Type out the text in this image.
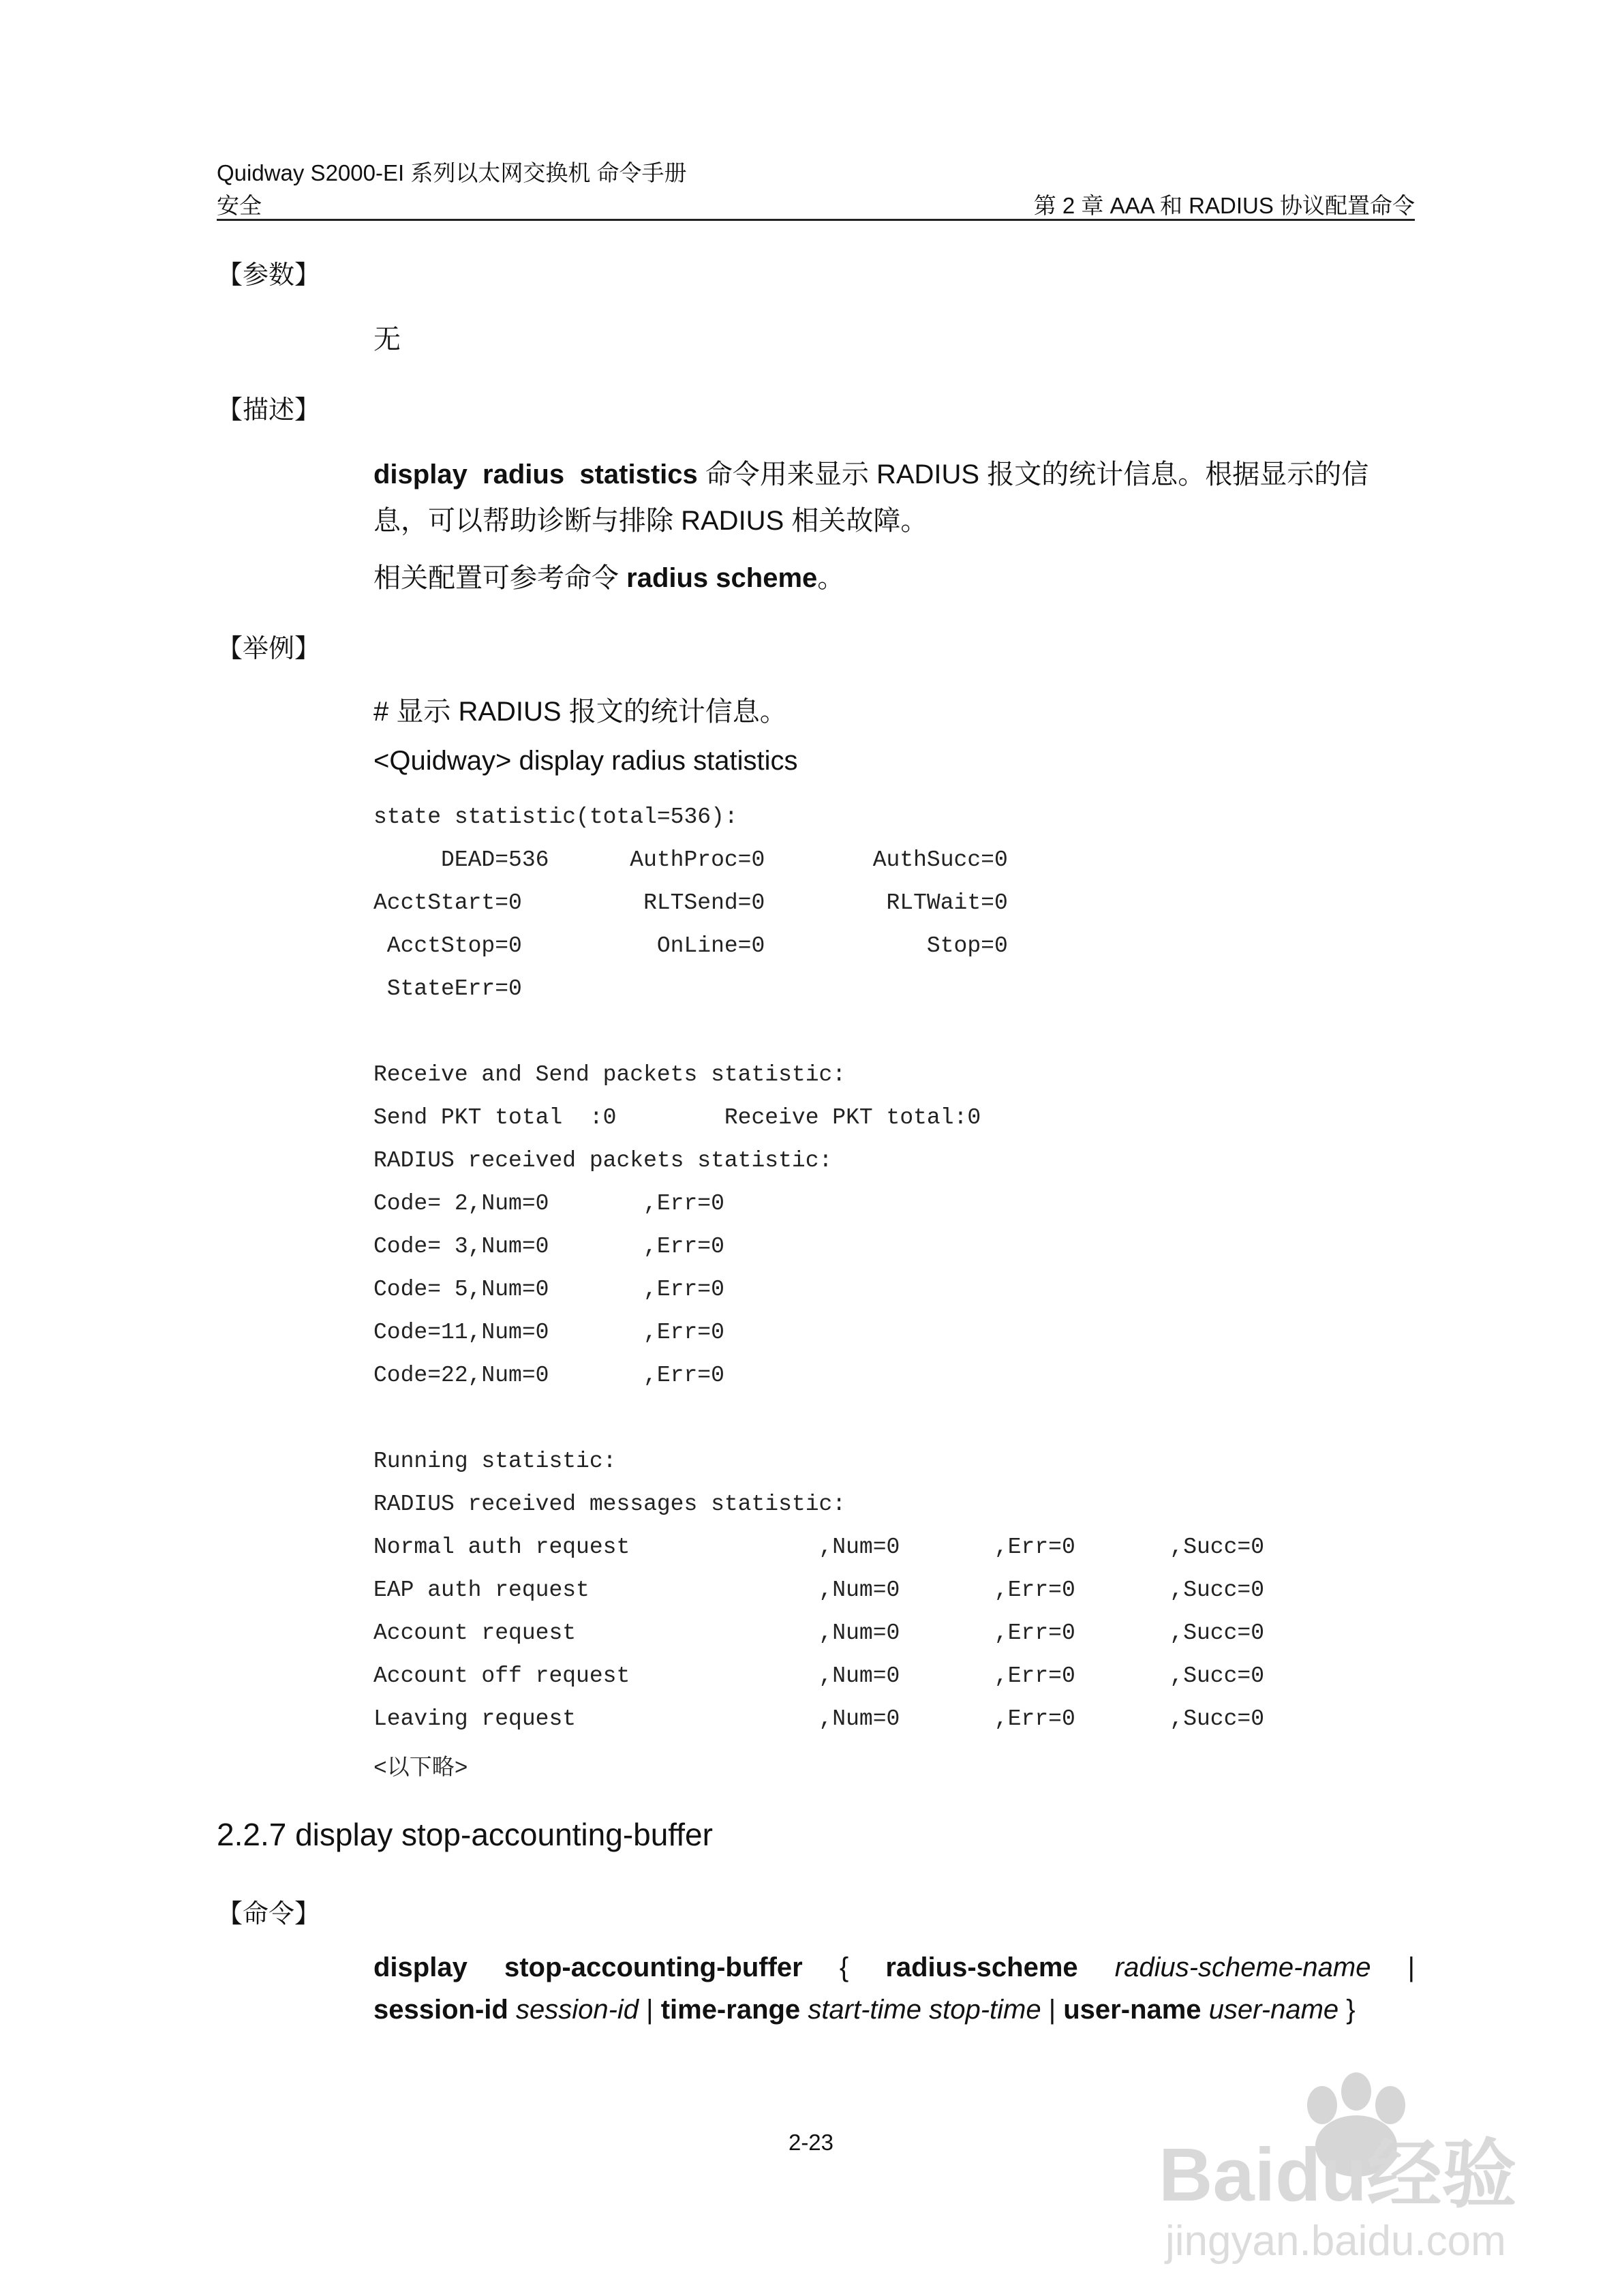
Quidway S2000-EI 系列以太网交换机 命令手册
安全	第 2 章 AAA 和 RADIUS 协议配置命令
【参数】
无
【描述】
display  radius  statistics 命令用来显示 RADIUS 报文的统计信息。根据显示的信
息，可以帮助诊断与排除 RADIUS 相关故障。
相关配置可参考命令 radius scheme。
【举例】
# 显示 RADIUS 报文的统计信息。
<Quidway> display radius statistics
state statistic(total=536):
DEAD=536      AuthProc=0        AuthSucc=0
AcctStart=0         RLTSend=0         RLTWait=0
AcctStop=0          OnLine=0            Stop=0
StateErr=0
Receive and Send packets statistic:
Send PKT total  :0        Receive PKT total:0
RADIUS received packets statistic:
Code= 2,Num=0       ,Err=0
Code= 3,Num=0       ,Err=0
Code= 5,Num=0       ,Err=0
Code=11,Num=0       ,Err=0
Code=22,Num=0       ,Err=0
Running statistic:
RADIUS received messages statistic:
Normal auth request              ,Num=0       ,Err=0       ,Succ=0
EAP auth request                 ,Num=0       ,Err=0       ,Succ=0
Account request                  ,Num=0       ,Err=0       ,Succ=0
Account off request              ,Num=0       ,Err=0       ,Succ=0
Leaving request                  ,Num=0       ,Err=0       ,Succ=0
<以下略>
2.2.7 display stop-accounting-buffer
【命令】
display stop-accounting-buffer { radius-scheme radius-scheme-name |
session-id session-id | time-range start-time stop-time | user-name user-name }
2-23	Baidu经验
jingyan.baidu.com
